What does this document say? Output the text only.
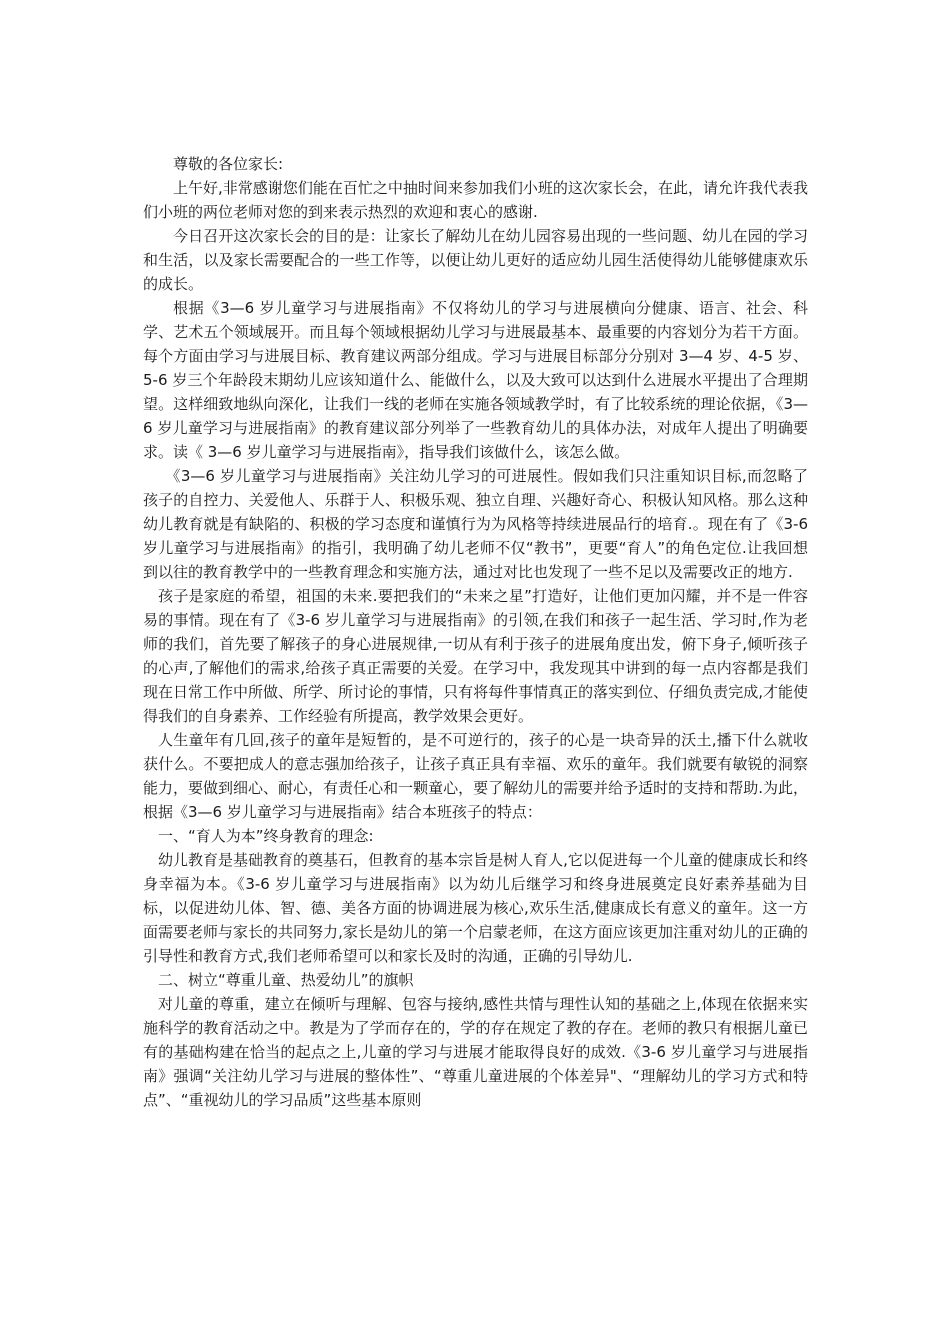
尊敬的各位家长:

上午好,非常感谢您们能在百忙之中抽时间来参加我们小班的这次家长会，在此，请允许我代表我们小班的两位老师对您的到来表示热烈的欢迎和衷心的感谢.

今日召开这次家长会的目的是：让家长了解幼儿在幼儿园容易出现的一些问题、幼儿在园的学习和生活，以及家长需要配合的一些工作等，以便让幼儿更好的适应幼儿园生活使得幼儿能够健康欢乐的成长。

根据《3—6 岁儿童学习与进展指南》不仅将幼儿的学习与进展横向分健康、语言、社会、科学、艺术五个领域展开。而且每个领域根据幼儿学习与进展最基本、最重要的内容划分为若干方面。每个方面由学习与进展目标、教育建议两部分组成。学习与进展目标部分分别对 3—4 岁、4-5 岁、5-6 岁三个年龄段末期幼儿应该知道什么、能做什么，以及大致可以达到什么进展水平提出了合理期望。这样细致地纵向深化，让我们一线的老师在实施各领域教学时，有了比较系统的理论依据，《3—6 岁儿童学习与进展指南》的教育建议部分列举了一些教育幼儿的具体办法，对成年人提出了明确要求。读《 3—6 岁儿童学习与进展指南》，指导我们该做什么，该怎么做。

《3—6 岁儿童学习与进展指南》关注幼儿学习的可进展性。假如我们只注重知识目标,而忽略了孩子的自控力、关爱他人、乐群于人、积极乐观、独立自理、兴趣好奇心、积极认知风格。那么这种幼儿教育就是有缺陷的、积极的学习态度和谨慎行为为风格等持续进展品行的培育.。现在有了《3-6 岁儿童学习与进展指南》的指引，我明确了幼儿老师不仅“教书”，更要“育人”的角色定位.让我回想到以往的教育教学中的一些教育理念和实施方法，通过对比也发现了一些不足以及需要改正的地方.

孩子是家庭的希望，祖国的未来.要把我们的“未来之星”打造好，让他们更加闪耀，并不是一件容易的事情。现在有了《3-6 岁儿童学习与进展指南》的引领,在我们和孩子一起生活、学习时,作为老师的我们，首先要了解孩子的身心进展规律,一切从有利于孩子的进展角度出发，俯下身子,倾听孩子的心声,了解他们的需求,给孩子真正需要的关爱。在学习中，我发现其中讲到的每一点内容都是我们现在日常工作中所做、所学、所讨论的事情，只有将每件事情真正的落实到位、仔细负责完成,才能使得我们的自身素养、工作经验有所提高，教学效果会更好。

人生童年有几回,孩子的童年是短暂的，是不可逆行的，孩子的心是一块奇异的沃土,播下什么就收获什么。不要把成人的意志强加给孩子，让孩子真正具有幸福、欢乐的童年。我们就要有敏锐的洞察能力，要做到细心、耐心，有责任心和一颗童心，要了解幼儿的需要并给予适时的支持和帮助.为此，根据《3—6 岁儿童学习与进展指南》结合本班孩子的特点：

一、“育人为本”终身教育的理念:

幼儿教育是基础教育的奠基石，但教育的基本宗旨是树人育人,它以促进每一个儿童的健康成长和终身幸福为本。《3-6 岁儿童学习与进展指南》以为幼儿后继学习和终身进展奠定良好素养基础为目标，以促进幼儿体、智、德、美各方面的协调进展为核心,欢乐生活,健康成长有意义的童年。这一方面需要老师与家长的共同努力,家长是幼儿的第一个启蒙老师，在这方面应该更加注重对幼儿的正确的引导性和教育方式,我们老师希望可以和家长及时的沟通，正确的引导幼儿.

二、树立“尊重儿童、热爱幼儿”的旗帜

对儿童的尊重，建立在倾听与理解、包容与接纳,感性共情与理性认知的基础之上,体现在依据来实施科学的教育活动之中。教是为了学而存在的，学的存在规定了教的存在。老师的教只有根据儿童已有的基础构建在恰当的起点之上,儿童的学习与进展才能取得良好的成效.《3-6 岁儿童学习与进展指南》强调“关注幼儿学习与进展的整体性”、“尊重儿童进展的个体差异"、“理解幼儿的学习方式和特点”、“重视幼儿的学习品质”这些基本原则
